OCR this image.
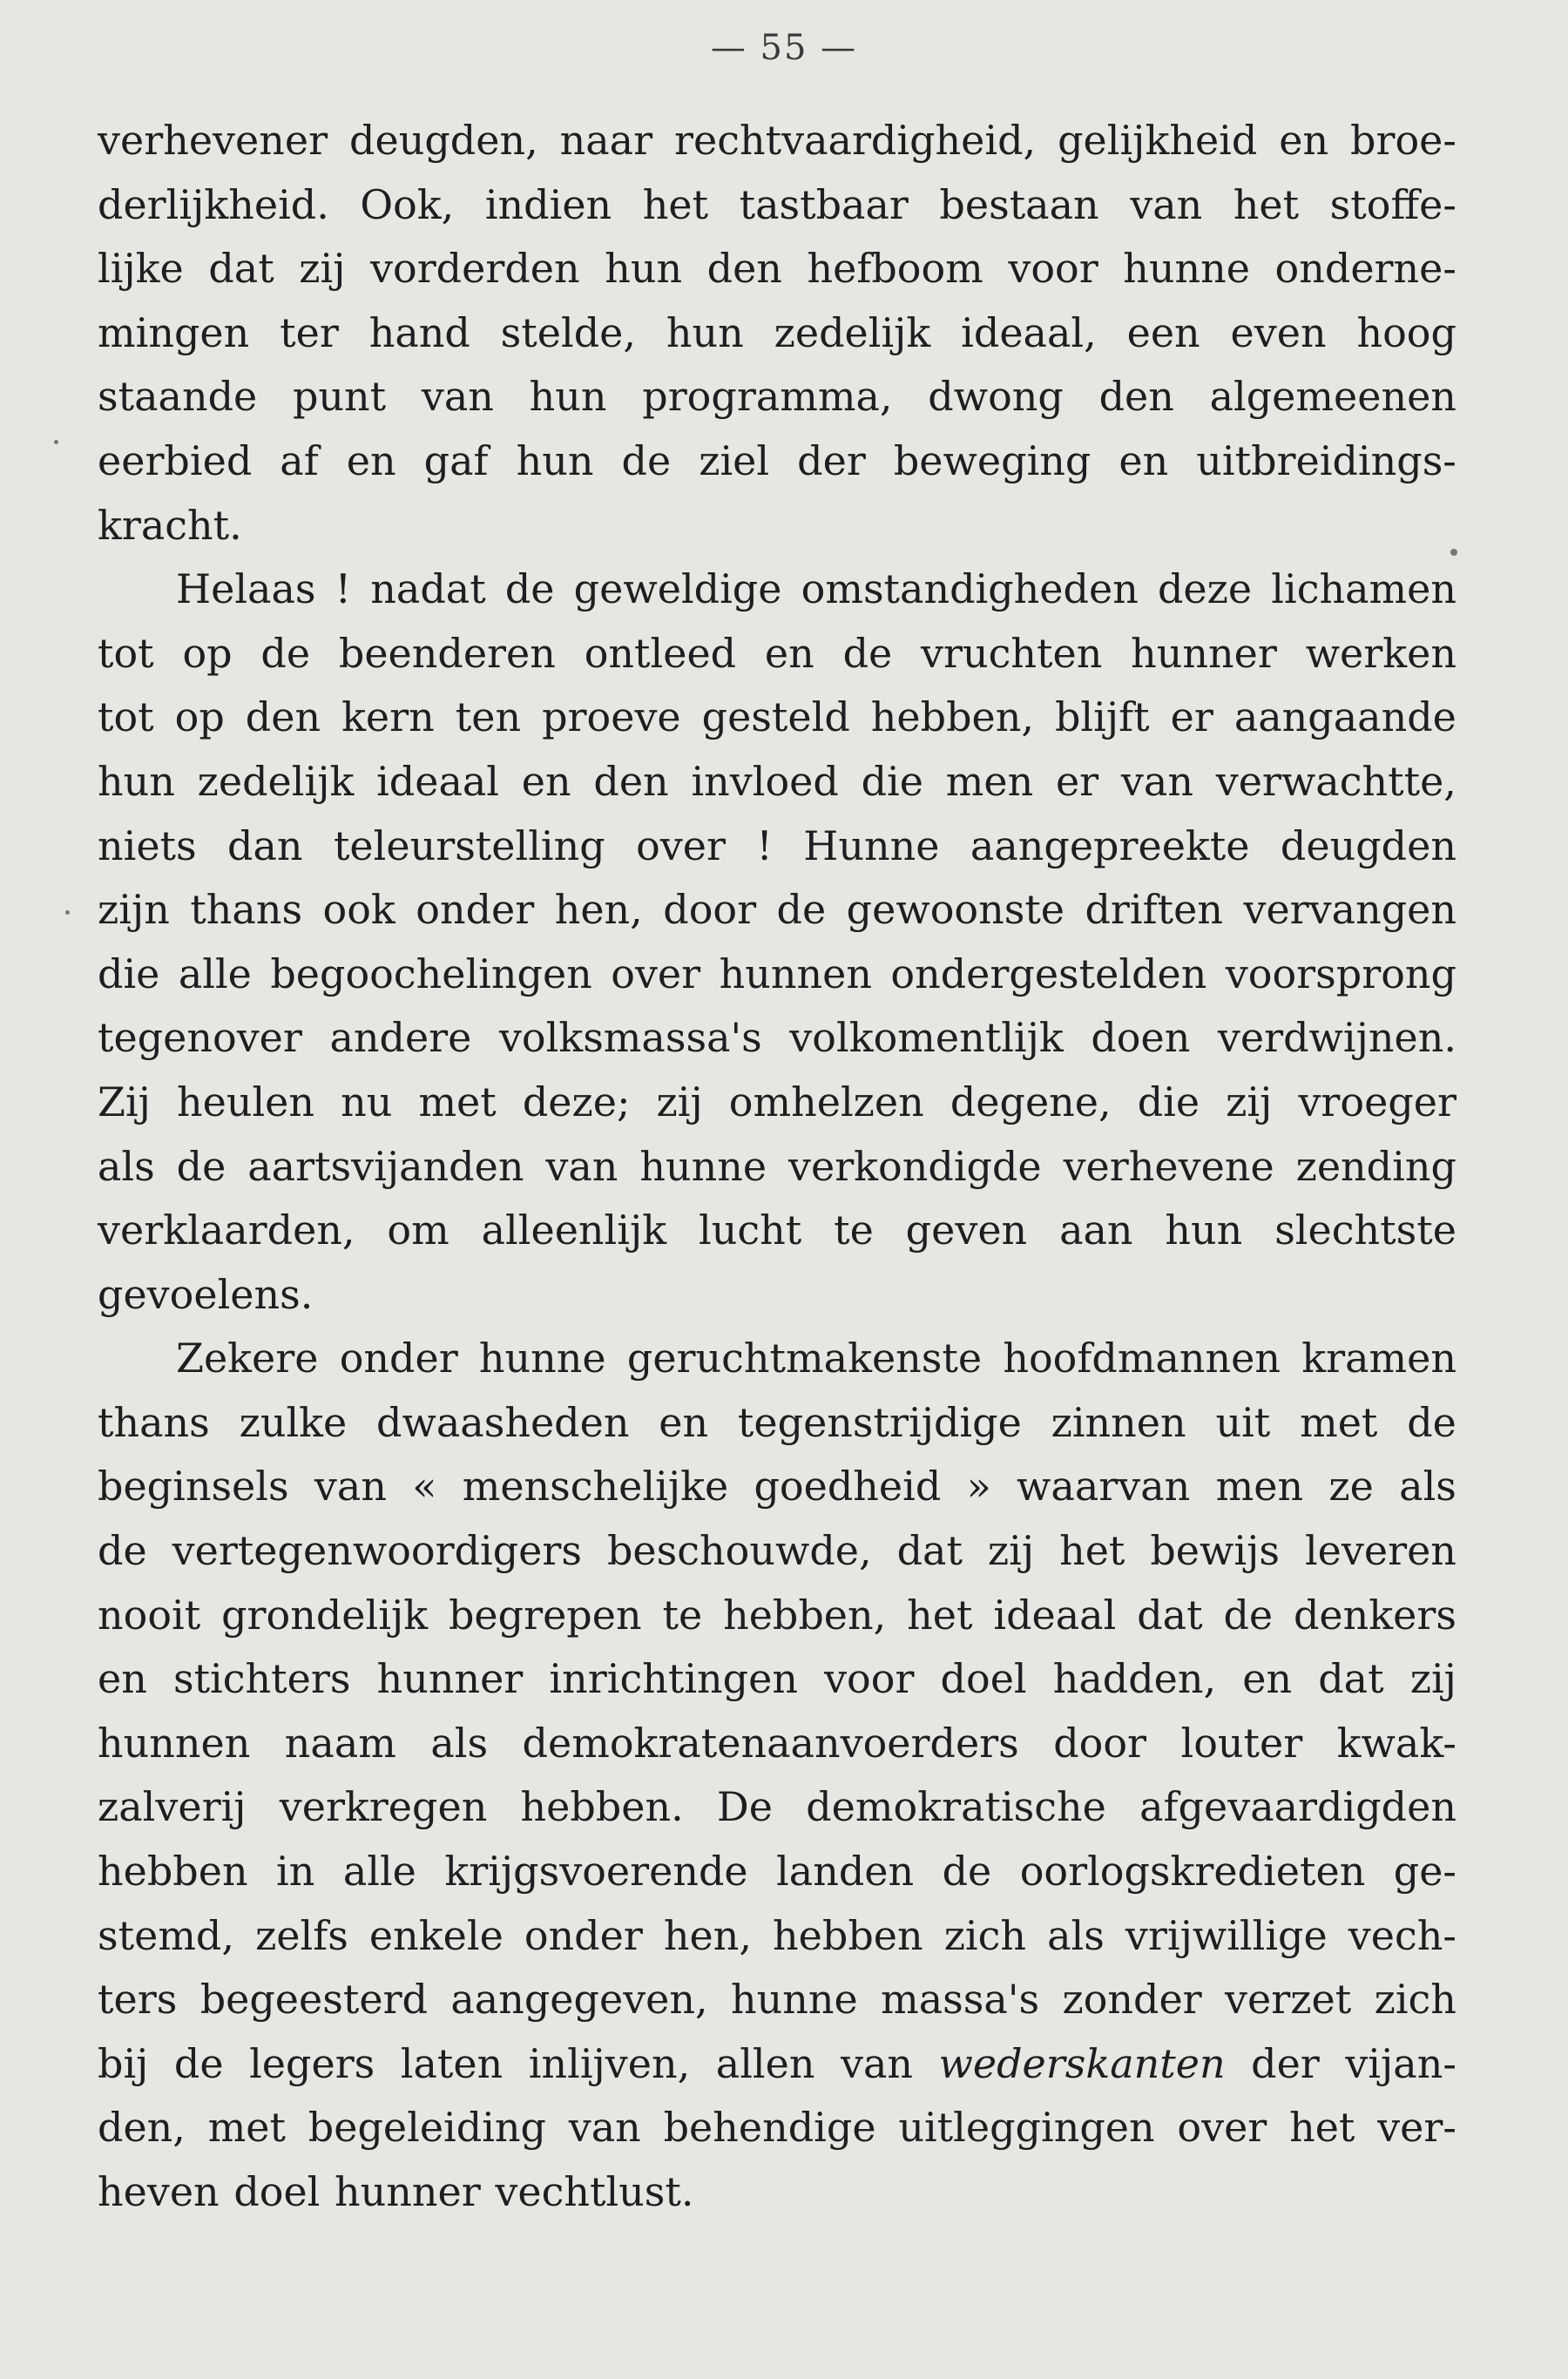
— 55 —
verhevener deugden, naar rechtvaardigheid, gelijkheid en broe-
derlijkheid. Ook, indien het tastbaar bestaan van het stoffe-
lijke dat zij vorderden hun den hefboom voor hunne onderne-
mingen ter hand stelde, hun zedelijk ideaal, een even hoog
staande punt van hun programma, dwong den algemeenen
eerbied af en gaf hun de ziel der beweging en uitbreidings-
kracht.
Helaas ! nadat de geweldige omstandigheden deze lichamen
tot op de beenderen ontleed en de vruchten hunner werken
tot op den kern ten proeve gesteld hebben, blijft er aangaande
hun zedelijk ideaal en den invloed die men er van verwachtte,
niets dan teleurstelling over ! Hunne aangepreekte deugden
zijn thans ook onder hen, door de gewoonste driften vervangen
die alle begoochelingen over hunnen ondergestelden voorsprong
tegenover andere volksmassa's volkomentlijk doen verdwijnen.
Zij heulen nu met deze; zij omhelzen degene, die zij vroeger
als de aartsvijanden van hunne verkondigde verhevene zending
verklaarden, om alleenlijk lucht te geven aan hun slechtste
gevoelens.
Zekere onder hunne geruchtmakenste hoofdmannen kramen
thans zulke dwaasheden en tegenstrijdige zinnen uit met de
beginsels van « menschelijke goedheid » waarvan men ze als
de vertegenwoordigers beschouwde, dat zij het bewijs leveren
nooit grondelijk begrepen te hebben, het ideaal dat de denkers
en stichters hunner inrichtingen voor doel hadden, en dat zij
hunnen naam als demokratenaanvoerders door louter kwak-
zalverij verkregen hebben. De demokratische afgevaardigden
hebben in alle krijgsvoerende landen de oorlogskredieten ge-
stemd, zelfs enkele onder hen, hebben zich als vrijwillige vech-
ters begeesterd aangegeven, hunne massa's zonder verzet zich
bij de legers laten inlijven, allen van wederskanten der vijan-
den, met begeleiding van behendige uitleggingen over het ver-
heven
doel
hunner
vechtlust.
